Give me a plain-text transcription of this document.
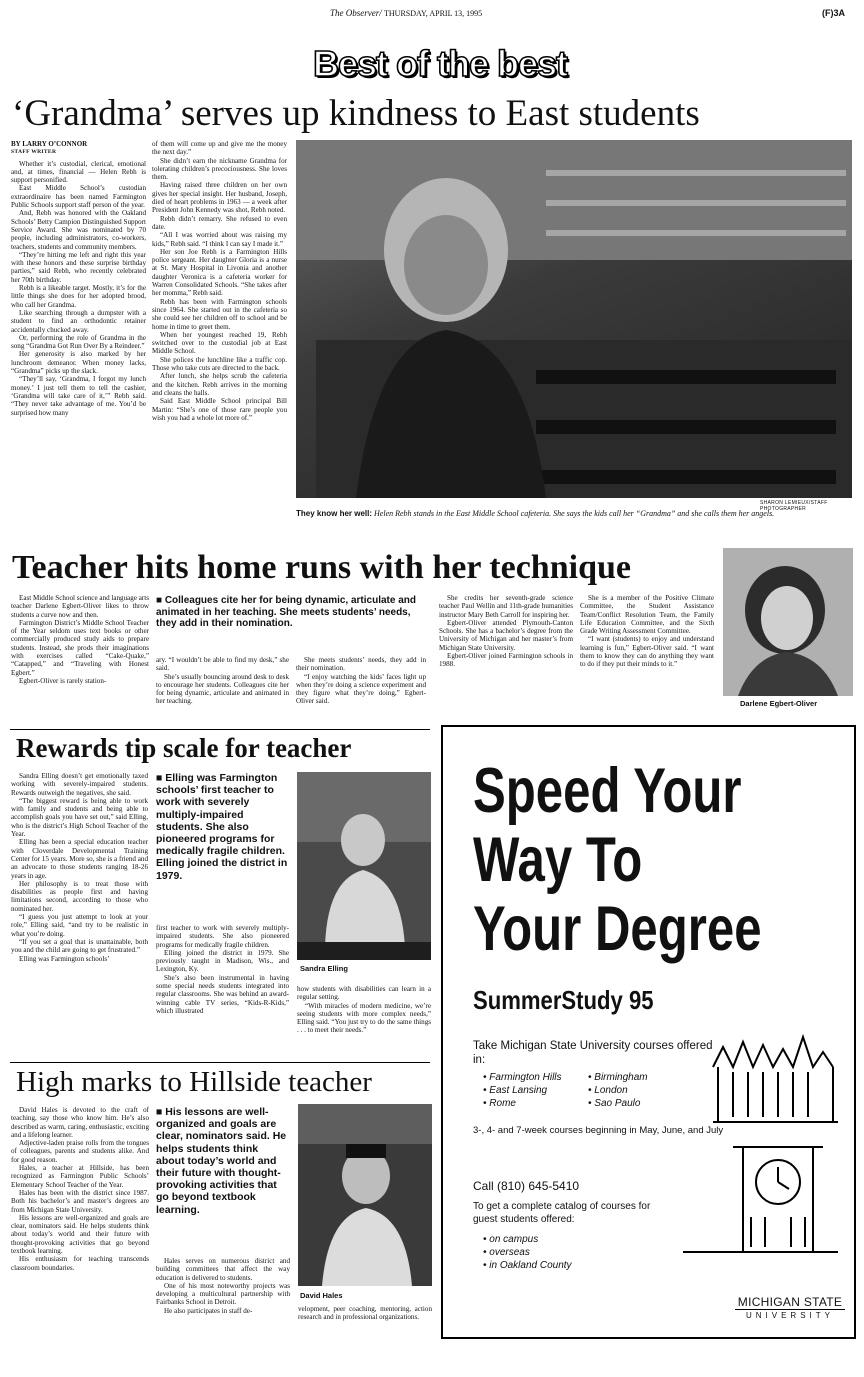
The Observer/ THURSDAY, APRIL 13, 1995	(F)3A
Best of the best
‘Grandma’ serves up kindness to East students

BY LARRY O’CONNOR

STAFF WRITER

Whether it’s custodial, clerical, emotional and, at times, financial — Helen Rebh is support personified.

East Middle School’s custodian extraordinaire has been named Farmington Public Schools support staff person of the year.

And, Rebh was honored with the Oakland Schools’ Betty Campion Distinguished Support Service Award. She was nominated by 70 people, including administrators, co-workers, teachers, students and community members.

“They’re hitting me left and right this year with these honors and these surprise birthday parties,” said Rebh, who recently celebrated her 70th birthday.

Rebh is a likeable target. Mostly, it’s for the little things she does for her adopted brood, who call her Grandma.

Like searching through a dumpster with a student to find an orthodontic retainer accidentally chucked away.

Or, performing the role of Grandma in the song “Grandma Got Run Over By a Reindeer.”

Her generosity is also marked by her lunchroom demeanor. When money lacks, “Grandma” picks up the slack.

“They’ll say, ‘Grandma, I forgot my lunch money.’ I just tell them to tell the cashier, ‘Grandma will take care of it,’” Rebh said. “They never take advantage of me. You’d be surprised how many

of them will come up and give me the money the next day.”

She didn’t earn the nickname Grandma for tolerating children’s precociousness. She loves them.

Having raised three children on her own gives her special insight. Her husband, Joseph, died of heart problems in 1963 — a week after President John Kennedy was shot, Rebh noted.

Rebh didn’t remarry. She refused to even date.

“All I was worried about was raising my kids,” Rebh said. “I think I can say I made it.”

Her son Joe Rebh is a Farmington Hills police sergeant. Her daughter Gloria is a nurse at St. Mary Hospital in Livonia and another daughter Veronica is a cafeteria worker for Warren Consolidated Schools. “She takes after her momma,” Rebh said.

Rebh has been with Farmington schools since 1964. She started out in the cafeteria so she could see her children off to school and be home in time to greet them.

When her youngest reached 19, Rebh switched over to the custodial job at East Middle School.

She polices the lunchline like a traffic cop. Those who take cuts are directed to the back.

After lunch, she helps scrub the cafeteria and the kitchen. Rebh arrives in the morning and cleans the halls.

Said East Middle School principal Bill Martin: “She’s one of those rare people you wish you had a whole lot more of.”

SHARON LEMIEUX/STAFF PHOTOGRAPHER
They know her well: Helen Rebh stands in the East Middle School cafeteria. She says the kids call her “Grandma” and she calls them her angels.
Teacher hits home runs with her technique

East Middle School science and language arts teacher Darlene Egbert-Oliver likes to throw students a curve now and then.

Farmington District’s Middle School Teacher of the Year seldom uses text books or other commercially produced study aids to prepare students. Instead, she prods their imaginations with exercises called “Cake-Quake,” “Catapped,” and “Traveling with Honest Egbert.”

Egbert-Oliver is rarely station-

■ Colleagues cite her for being dynamic, articulate and animated in her teaching. She meets students’ needs, they add in their nomination.

ary. “I wouldn’t be able to find my desk,” she said.

She’s usually bouncing around desk to desk to encourage her students. Colleagues cite her for being dynamic, articulate and animated in her teaching.

She meets students’ needs, they add in their nomination.

“I enjoy watching the kids’ faces light up when they’re doing a science experiment and they figure what they’re doing,” Egbert-Oliver said.

She credits her seventh-grade science teacher Paul Wellin and 11th-grade humanities instructor Mary Beth Carroll for inspiring her.

Egbert-Oliver attended Plymouth-Canton Schools. She has a bachelor’s degree from the University of Michigan and her master’s from Michigan State University.

Egbert-Oliver joined Farmington schools in 1988.

She is a member of the Positive Climate Committee, the Student Assistance Team/Conflict Resolution Team, the Family Life Education Committee, and the Sixth Grade Writing Assessment Committee.

“I want (students) to enjoy and understand learning is fun,” Egbert-Oliver said. “I want them to know they can do anything they want to do if they put their minds to it.”

Darlene Egbert-Oliver
Rewards tip scale for teacher

Sandra Elling doesn’t get emotionally taxed working with severely-impaired students. Rewards outweigh the negatives, she said.

“The biggest reward is being able to work with family and students and being able to accomplish goals you have set out,” said Elling, who is the district’s High School Teacher of the Year.

Elling has been a special education teacher with Cloverdale Developmental Training Center for 15 years. More so, she is a friend and an advocate to those students ranging 18-26 years in age.

Her philosophy is to treat those with disabilities as people first and having limitations second, according to those who nominated her.

“I guess you just attempt to look at your role,” Elling said, “and try to be realistic in what you’re doing.

“If you set a goal that is unattainable, both you and the child are going to get frustrated.”

Elling was Farmington schools’

■ Elling was Farmington schools’ first teacher to work with severely multiply-impaired students. She also pioneered programs for medically fragile children. Elling joined the district in 1979.

first teacher to work with severely multiply-impaired students. She also pioneered programs for medically fragile children.

Elling joined the district in 1979. She previously taught in Madison, Wis., and Lexington, Ky.

She’s also been instrumental in having some special needs students integrated into regular classrooms. She was behind an award-winning cable TV series, “Kids-R-Kids,” which illustrated

Sandra Elling

how students with disabilities can learn in a regular setting.

“With miracles of modern medicine, we’re seeing students with more complex needs,” Elling said. “You just try to do the same things . . . to meet their needs.”

High marks to Hillside teacher

David Hales is devoted to the craft of teaching, say those who know him. He’s also described as warm, caring, enthusiastic, exciting and a lifelong learner.

Adjective-laden praise rolls from the tongues of colleagues, parents and students alike. And for good reason.

Hales, a teacher at Hillside, has been recognized as Farmington Public Schools’ Elementary School Teacher of the Year.

Hales has been with the district since 1987. Both his bachelor’s and master’s degrees are from Michigan State University.

His lessons are well-organized and goals are clear, nominators said. He helps students think about today’s world and their future with thought-provoking activities that go beyond textbook learning.

His enthusiasm for teaching transcends classroom boundaries.

■ His lessons are well-organized and goals are clear, nominators said. He helps students think about today’s world and their future with thought-provoking activities that go beyond textbook learning.

Hales serves on numerous district and building committees that affect the way education is delivered to students.

One of his most noteworthy projects was developing a multicultural partnership with Fairbanks School in Detroit.

He also participates in staff de-

David Hales

velopment, peer coaching, mentoring, action research and in professional organizations.

Speed Your
Way To
Your Degree
SummerStudy 95
Take Michigan State University courses offered in:
• Farmington Hills
• East Lansing
• Rome
• Birmingham
• London
• Sao Paulo
3-, 4- and 7-week courses beginning in May, June, and July
Call (810) 645-5410
To get a complete catalog of courses for guest students offered:
• on campus
• overseas
• in Oakland County
MICHIGAN STATE
UNIVERSITY
